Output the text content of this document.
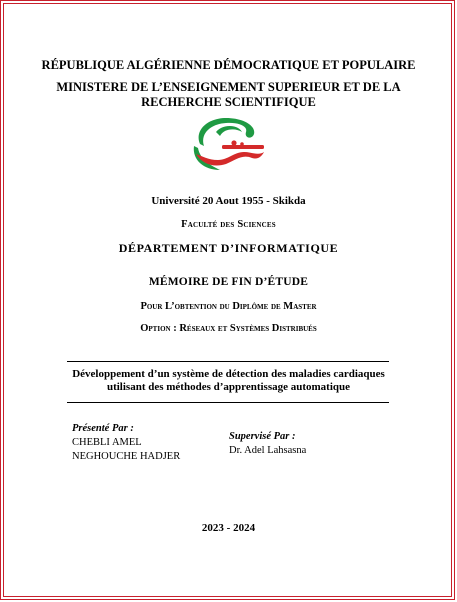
RÉPUBLIQUE ALGÉRIENNE DÉMOCRATIQUE ET POPULAIRE
MINISTERE DE L’ENSEIGNEMENT SUPERIEUR ET DE LA
RECHERCHE SCIENTIFIQUE
Université 20 Aout 1955 - Skikda
Faculté des Sciences
DÉPARTEMENT D’INFORMATIQUE
MÉMOIRE DE FIN D’ÉTUDE
Pour L’obtention du Diplôme de Master
Option : Réseaux et Systèmes Distribués
Développement d’un système de détection des maladies cardiaques
utilisant des méthodes d’apprentissage automatique
Présenté Par :
CHEBLI AMEL
NEGHOUCHE HADJER
Supervisé Par :
Dr. Adel Lahsasna
2023 - 2024
